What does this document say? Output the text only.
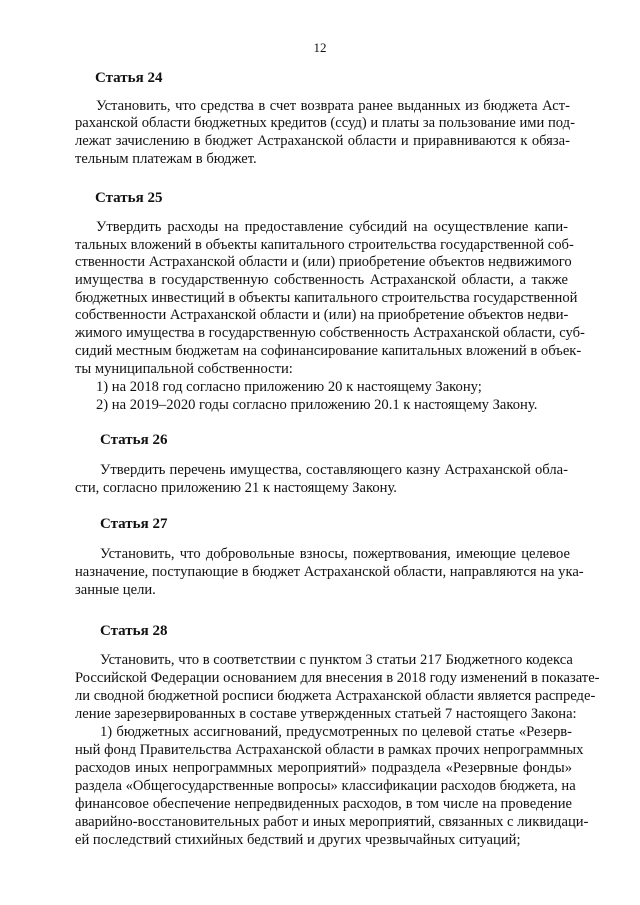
12
Статья 24
Установить, что средства в счет возврата ранее выданных из бюджета Аст-
раханской области бюджетных кредитов (ссуд) и платы за пользование ими под-
лежат зачислению в бюджет Астраханской области и приравниваются к обяза-
тельным платежам в бюджет.
Статья 25
Утвердить расходы на предоставление субсидий на осуществление капи-
тальных вложений в объекты капитального строительства государственной соб-
ственности Астраханской области и (или) приобретение объектов недвижимого
имущества в государственную собственность Астраханской области, а также
бюджетных инвестиций в объекты капитального строительства государственной
собственности Астраханской области и (или) на приобретение объектов недви-
жимого имущества в государственную собственность Астраханской области, суб-
сидий местным бюджетам на софинансирование капитальных вложений в объек-
ты муниципальной собственности:
1) на 2018 год согласно приложению 20 к настоящему Закону;
2) на 2019–2020 годы согласно приложению 20.1 к настоящему Закону.
Статья 26
Утвердить перечень имущества, составляющего казну Астраханской обла-
сти, согласно приложению 21 к настоящему Закону.
Статья 27
Установить, что добровольные взносы, пожертвования, имеющие целевое
назначение, поступающие в бюджет Астраханской области, направляются на ука-
занные цели.
Статья 28
Установить, что в соответствии с пунктом 3 статьи 217 Бюджетного кодекса
Российской Федерации основанием для внесения в 2018 году изменений в показате-
ли сводной бюджетной росписи бюджета Астраханской области является распреде-
ление зарезервированных в составе утвержденных статьей 7 настоящего Закона:
1) бюджетных ассигнований, предусмотренных по целевой статье «Резерв-
ный фонд Правительства Астраханской области в рамках прочих непрограммных
расходов иных непрограммных мероприятий» подраздела «Резервные фонды»
раздела «Общегосударственные вопросы» классификации расходов бюджета, на
финансовое обеспечение непредвиденных расходов, в том числе на проведение
аварийно-восстановительных работ и иных мероприятий, связанных с ликвидаци-
ей последствий стихийных бедствий и других чрезвычайных ситуаций;
